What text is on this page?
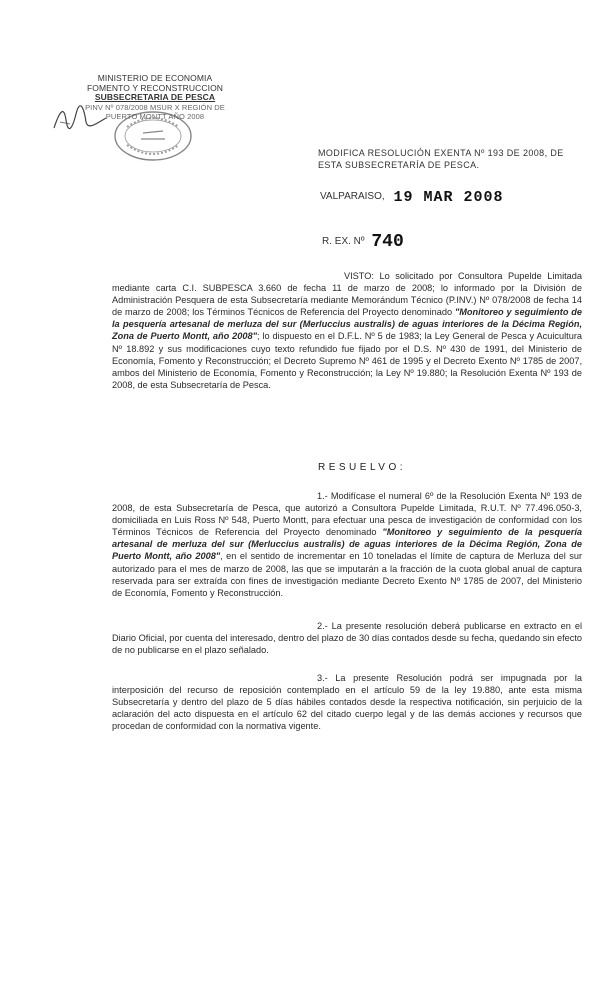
MINISTERIO DE ECONOMIA
FOMENTO Y RECONSTRUCCION
SUBSECRETARIA DE PESCA
PINV Nº 078/2008 MSUR X REGIÓN DE
PUERTO MONTT AÑO 2008
MODIFICA RESOLUCIÓN EXENTA Nº 193 DE 2008, DE ESTA SUBSECRETARÍA DE PESCA.
VALPARAISO, 19 MAR 2008
R. EX. Nº 740

VISTO: Lo solicitado por Consultora Pupelde Limitada mediante carta C.I. SUBPESCA 3.660 de fecha 11 de marzo de 2008; lo informado por la División de Administración Pesquera de esta Subsecretaría mediante Memorándum Técnico (P.INV.) Nº 078/2008 de fecha 14 de marzo de 2008; los Términos Técnicos de Referencia del Proyecto denominado "Monitoreo y seguimiento de la pesquería artesanal de merluza del sur (Merluccius australis) de aguas interiores de la Décima Región, Zona de Puerto Montt, año 2008"; lo dispuesto en el D.F.L. Nº 5 de 1983; la Ley General de Pesca y Acuicultura Nº 18.892 y sus modificaciones cuyo texto refundido fue fijado por el D.S. Nº 430 de 1991, del Ministerio de Economía, Fomento y Reconstrucción; el Decreto Supremo Nº 461 de 1995 y el Decreto Exento Nº 1785 de 2007, ambos del Ministerio de Economía, Fomento y Reconstrucción; la Ley Nº 19.880; la Resolución Exenta Nº 193 de 2008, de esta Subsecretaría de Pesca.

RESUELVO:

1.- Modifícase el numeral 6º de la Resolución Exenta Nº 193 de 2008, de esta Subsecretaría de Pesca, que autorizó a Consultora Pupelde Limitada, R.U.T. Nº 77.496.050-3, domiciliada en Luis Ross Nº 548, Puerto Montt, para efectuar una pesca de investigación de conformidad con los Términos Técnicos de Referencia del Proyecto denominado "Monitoreo y seguimiento de la pesquería artesanal de merluza del sur (Merluccius australis) de aguas interiores de la Décima Región, Zona de Puerto Montt, año 2008", en el sentido de incrementar en 10 toneladas el límite de captura de Merluza del sur autorizado para el mes de marzo de 2008, las que se imputarán a la fracción de la cuota global anual de captura reservada para ser extraída con fines de investigación mediante Decreto Exento Nº 1785 de 2007, del Ministerio de Economía, Fomento y Reconstrucción.

2.- La presente resolución deberá publicarse en extracto en el Diario Oficial, por cuenta del interesado, dentro del plazo de 30 días contados desde su fecha, quedando sin efecto de no publicarse en el plazo señalado.

3.- La presente Resolución podrá ser impugnada por la interposición del recurso de reposición contemplado en el artículo 59 de la ley 19.880, ante esta misma Subsecretaría y dentro del plazo de 5 días hábiles contados desde la respectiva notificación, sin perjuicio de la aclaración del acto dispuesta en el artículo 62 del citado cuerpo legal y de las demás acciones y recursos que procedan de conformidad con la normativa vigente.
